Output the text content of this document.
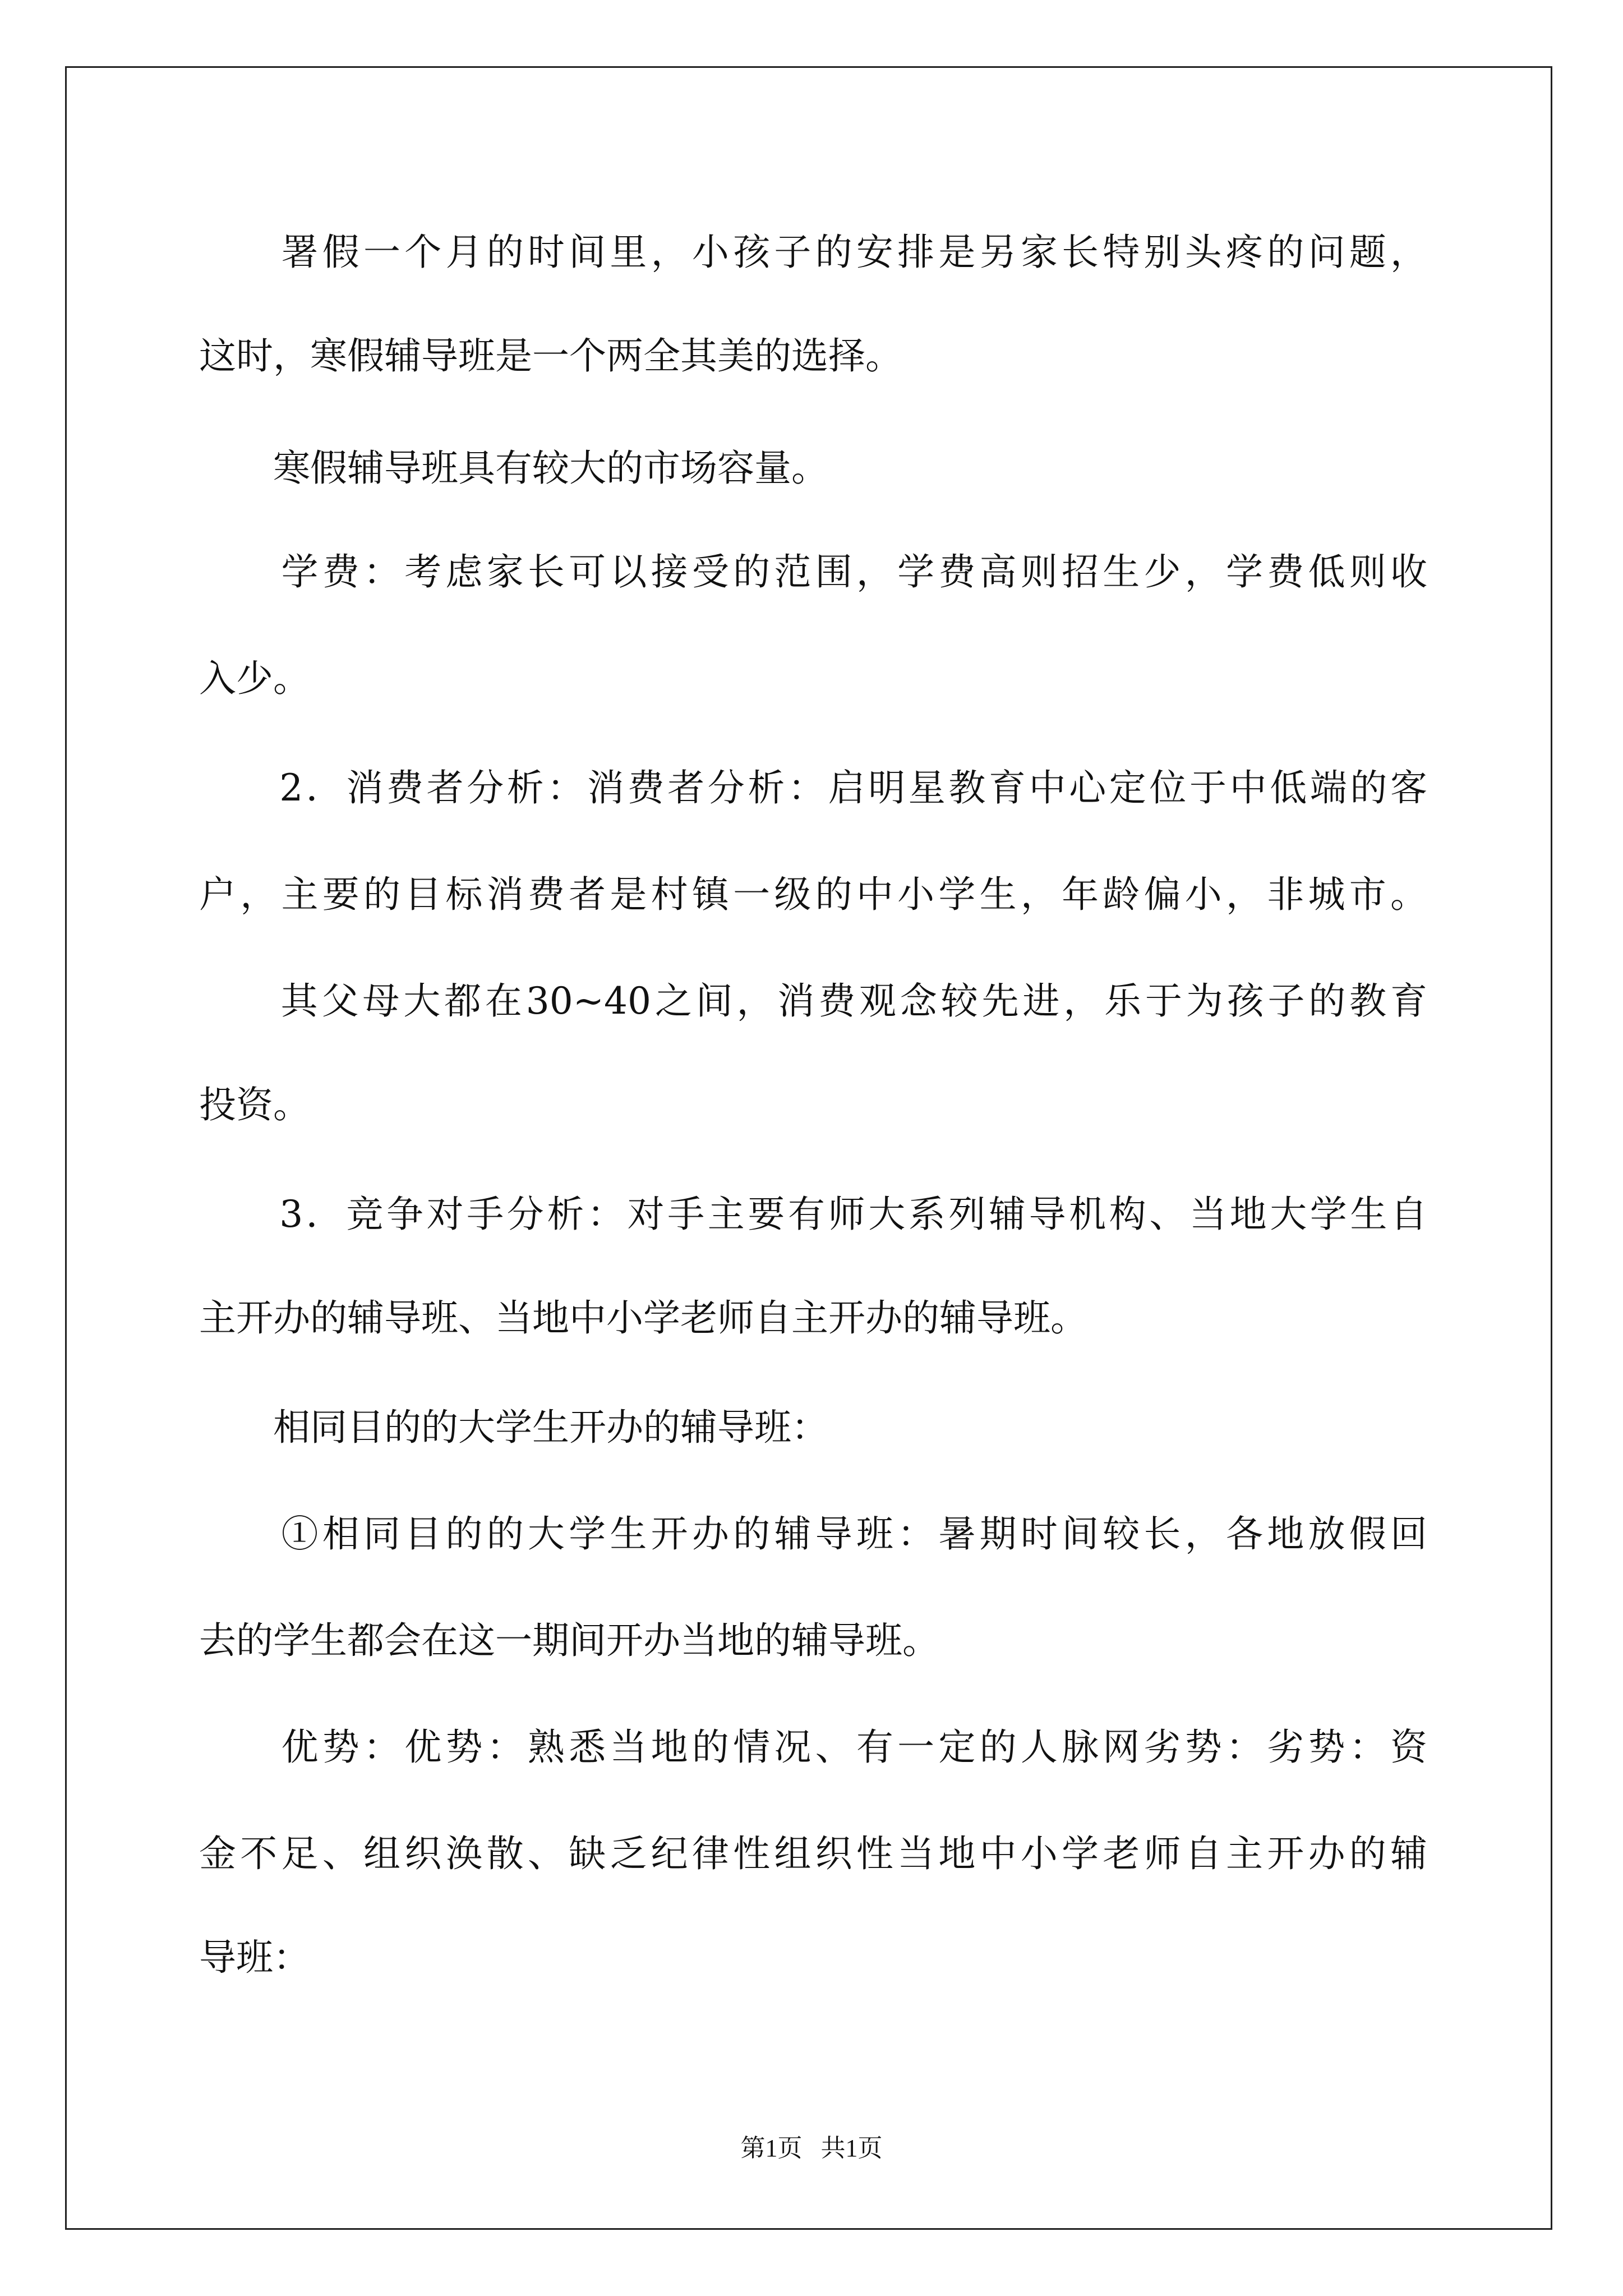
　　署假一个月的时间里，小孩子的安排是另家长特别头疼的问题，
这时，寒假辅导班是一个两全其美的选择。
　　寒假辅导班具有较大的市场容量。
　　学费：考虑家长可以接受的范围，学费高则招生少，学费低则收
入少。
　　2．消费者分析：消费者分析：启明星教育中心定位于中低端的客
户，主要的目标消费者是村镇一级的中小学生，年龄偏小，非城市。
　　其父母大都在30~40之间，消费观念较先进，乐于为孩子的教育
投资。
　　3．竞争对手分析：对手主要有师大系列辅导机构、当地大学生自
主开办的辅导班、当地中小学老师自主开办的辅导班。
　　相同目的的大学生开办的辅导班：
　　①相同目的的大学生开办的辅导班：暑期时间较长，各地放假回
去的学生都会在这一期间开办当地的辅导班。
　　优势：优势：熟悉当地的情况、有一定的人脉网劣势：劣势：资
金不足、组织涣散、缺乏纪律性组织性当地中小学老师自主开办的辅
导班：
第1页   共1页
